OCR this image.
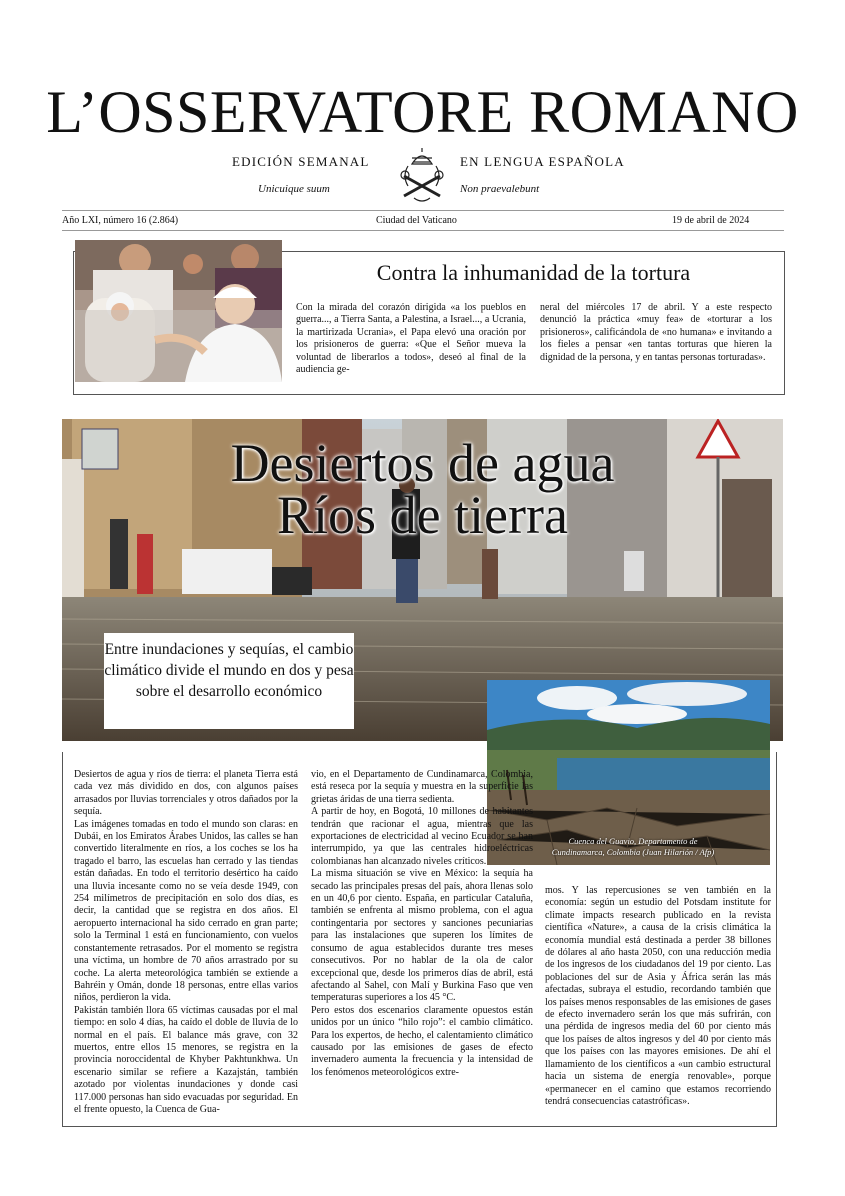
L’OSSERVATORE ROMANO
EDICIÓN SEMANAL	EN LENGUA ESPAÑOLA
Unicuique suum	Non praevalebunt
Año LXI, número 16 (2.864)	Ciudad del Vaticano	19 de abril de 2024
Contra la inhumanidad de la tortura
Con la mirada del corazón dirigida «a los pueblos en guerra..., a Tierra Santa, a Palestina, a Israel..., a Ucrania, la martirizada Ucrania», el Papa elevó una oración por los prisioneros de guerra: «Que el Señor mueva la voluntad de liberarlos a todos», deseó al final de la audiencia ge-
neral del miércoles 17 de abril. Y a este respecto denunció la práctica «muy fea» de «torturar a los prisioneros», calificándola de «no humana» e invitando a los fieles a pensar «en tantas torturas que hieren la dignidad de la persona, y en tantas personas torturadas».
Desiertos de agua
Ríos de tierra
Entre inundaciones y sequías, el cambio climático divide el mundo en dos y pesa sobre el desarrollo económico
Cuenca del Guavio, Departamento de Cundinamarca, Colombia (Juan Hilarión / Afp)

Desiertos de agua y ríos de tierra: el planeta Tierra está cada vez más dividido en dos, con algunos países arrasados por lluvias torrenciales y otros dañados por la sequía.

Las imágenes tomadas en todo el mundo son claras: en Dubái, en los Emiratos Árabes Unidos, las calles se han convertido literalmente en ríos, a los coches se los ha tragado el barro, las escuelas han cerrado y las tiendas están dañadas. En todo el territorio desértico ha caído una lluvia incesante como no se veía desde 1949, con 254 milímetros de precipitación en solo dos días, es decir, la cantidad que se registra en dos años. El aeropuerto internacional ha sido cerrado en gran parte; solo la Terminal 1 está en funcionamiento, con vuelos constantemente retrasados. Por el momento se registra una víctima, un hombre de 70 años arrastrado por su coche. La alerta meteorológica también se extiende a Bahréin y Omán, donde 18 personas, entre ellas varios niños, perdieron la vida.

Pakistán también llora 65 víctimas causadas por el mal tiempo: en solo 4 días, ha caído el doble de lluvia de lo normal en el país. El balance más grave, con 32 muertos, entre ellos 15 menores, se registra en la provincia noroccidental de Khyber Pakhtunkhwa. Un escenario similar se refiere a Kazajstán, también azotado por violentas inundaciones y donde casi 117.000 personas han sido evacuadas por seguridad. En el frente opuesto, la Cuenca de Gua-

vio, en el Departamento de Cundinamarca, Colombia, está reseca por la sequía y muestra en la superficie las grietas áridas de una tierra sedienta.

A partir de hoy, en Bogotá, 10 millones de habitantes tendrán que racionar el agua, mientras que las exportaciones de electricidad al vecino Ecuador se han interrumpido, ya que las centrales hidroeléctricas colombianas han alcanzado niveles críticos.

La misma situación se vive en México: la sequía ha secado las principales presas del país, ahora llenas solo en un 40,6 por ciento. España, en particular Cataluña, también se enfrenta al mismo problema, con el agua contingentaria por sectores y sanciones pecuniarias para las instalaciones que superen los límites de consumo de agua establecidos durante tres meses consecutivos. Por no hablar de la ola de calor excepcional que, desde los primeros días de abril, está afectando al Sahel, con Malí y Burkina Faso que ven temperaturas superiores a los 45 °C.

Pero estos dos escenarios claramente opuestos están unidos por un único “hilo rojo”: el cambio climático. Para los expertos, de hecho, el calentamiento climático causado por las emisiones de gases de efecto invernadero aumenta la frecuencia y la intensidad de los fenómenos meteorológicos extre-

mos. Y las repercusiones se ven también en la economía: según un estudio del Potsdam institute for climate impacts research publicado en la revista científica «Nature», a causa de la crisis climática la economía mundial está destinada a perder 38 billones de dólares al año hasta 2050, con una reducción media de los ingresos de los ciudadanos del 19 por ciento. Las poblaciones del sur de Asia y África serán las más afectadas, subraya el estudio, recordando también que los países menos responsables de las emisiones de gases de efecto invernadero serán los que más sufrirán, con una pérdida de ingresos media del 60 por ciento más que los países de altos ingresos y del 40 por ciento más que los países con las mayores emisiones. De ahí el llamamiento de los científicos a «un cambio estructural hacia un sistema de energía renovable», porque «permanecer en el camino que estamos recorriendo tendrá consecuencias catastróficas».
